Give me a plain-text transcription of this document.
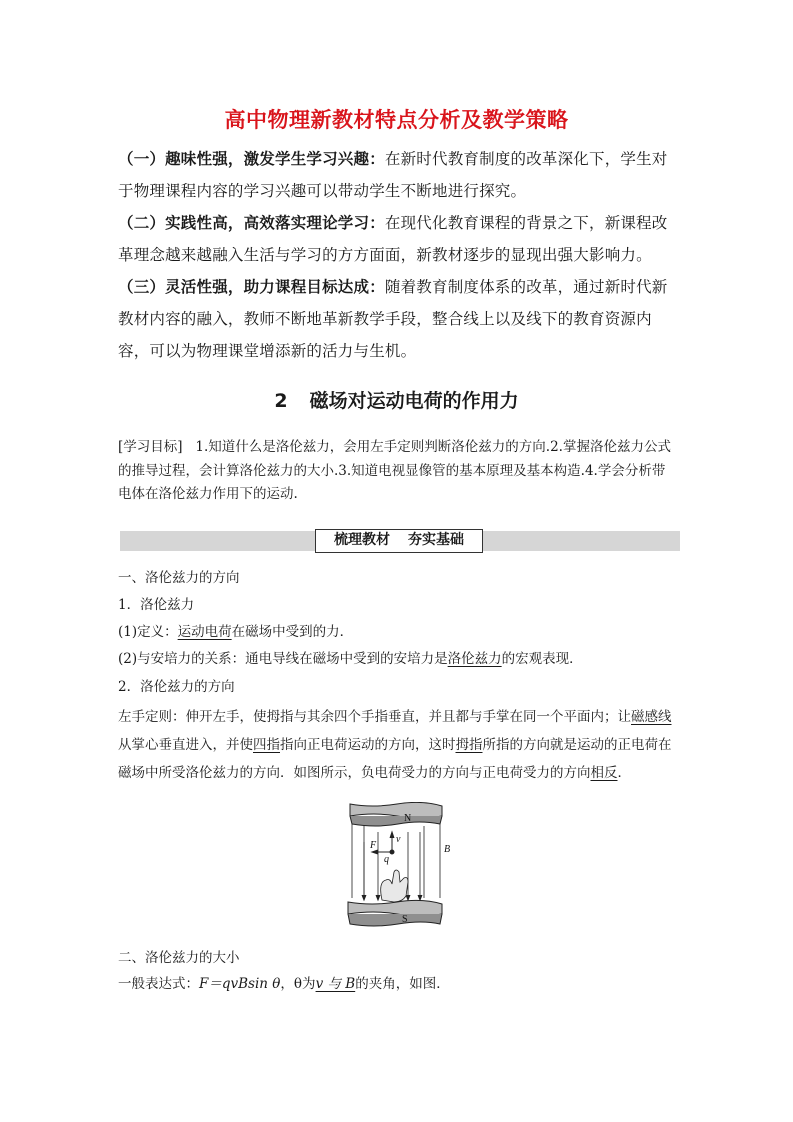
高中物理新教材特点分析及教学策略
（一）趣味性强，激发学生学习兴趣：在新时代教育制度的改革深化下，学生对于物理课程内容的学习兴趣可以带动学生不断地进行探究。
（二）实践性高，高效落实理论学习：在现代化教育课程的背景之下，新课程改革理念越来越融入生活与学习的方方面面，新教材逐步的显现出强大影响力。
（三）灵活性强，助力课程目标达成：随着教育制度体系的改革，通过新时代新教材内容的融入，教师不断地革新教学手段，整合线上以及线下的教育资源内容，可以为物理课堂增添新的活力与生机。
2 磁场对运动电荷的作用力
[学习目标] 1.知道什么是洛伦兹力，会用左手定则判断洛伦兹力的方向.2.掌握洛伦兹力公式的推导过程，会计算洛伦兹力的大小.3.知道电视显像管的基本原理及基本构造.4.学会分析带电体在洛伦兹力作用下的运动.
梳理教材 夯实基础
一、洛伦兹力的方向
1．洛伦兹力
(1)定义：运动电荷在磁场中受到的力．
(2)与安培力的关系：通电导线在磁场中受到的安培力是洛伦兹力的宏观表现．
2．洛伦兹力的方向
左手定则：伸开左手，使拇指与其余四个手指垂直，并且都与手掌在同一个平面内；让磁感线从掌心垂直进入，并使四指指向正电荷运动的方向，这时拇指所指的方向就是运动的正电荷在磁场中所受洛伦兹力的方向．如图所示，负电荷受力的方向与正电荷受力的方向相反．
N
S
F
v
q
B
二、洛伦兹力的大小
一般表达式：F＝qvBsin θ，θ为v 与 B的夹角，如图．
